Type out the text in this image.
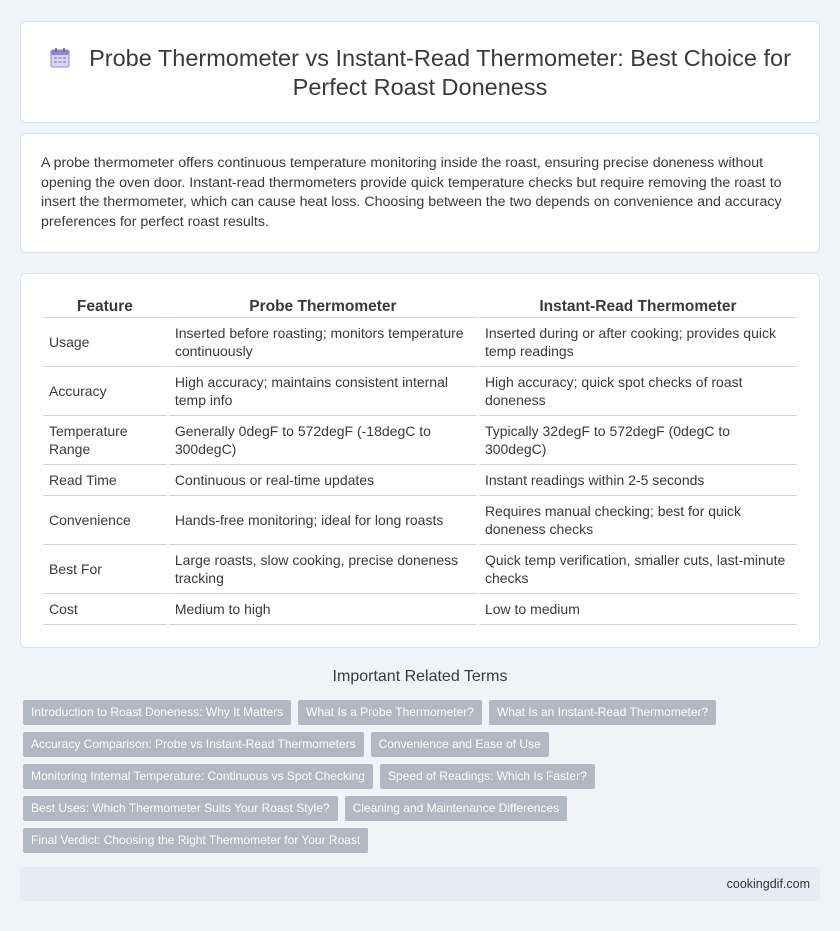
Probe Thermometer vs Instant-Read Thermometer: Best Choice for Perfect Roast Doneness

A probe thermometer offers continuous temperature monitoring inside the roast, ensuring precise doneness without opening the oven door. Instant-read thermometers provide quick temperature checks but require removing the roast to insert the thermometer, which can cause heat loss. Choosing between the two depends on convenience and accuracy preferences for perfect roast results.

Feature	Probe Thermometer	Instant-Read Thermometer
Usage	Inserted before roasting; monitors temperature continuously	Inserted during or after cooking; provides quick temp readings
Accuracy	High accuracy; maintains consistent internal temp info	High accuracy; quick spot checks of roast doneness
Temperature Range	Generally 0degF to 572degF (-18degC to 300degC)	Typically 32degF to 572degF (0degC to 300degC)
Read Time	Continuous or real-time updates	Instant readings within 2-5 seconds
Convenience	Hands-free monitoring; ideal for long roasts	Requires manual checking; best for quick doneness checks
Best For	Large roasts, slow cooking, precise doneness tracking	Quick temp verification, smaller cuts, last-minute checks
Cost	Medium to high	Low to medium
Important Related Terms
Introduction to Roast Doneness: Why It Matters	What Is a Probe Thermometer?	What Is an Instant-Read Thermometer?
Accuracy Comparison: Probe vs Instant-Read Thermometers	Convenience and Ease of Use
Monitoring Internal Temperature: Continuous vs Spot Checking	Speed of Readings: Which Is Faster?
Best Uses: Which Thermometer Suits Your Roast Style?	Cleaning and Maintenance Differences
Final Verdict: Choosing the Right Thermometer for Your Roast
cookingdif.com
